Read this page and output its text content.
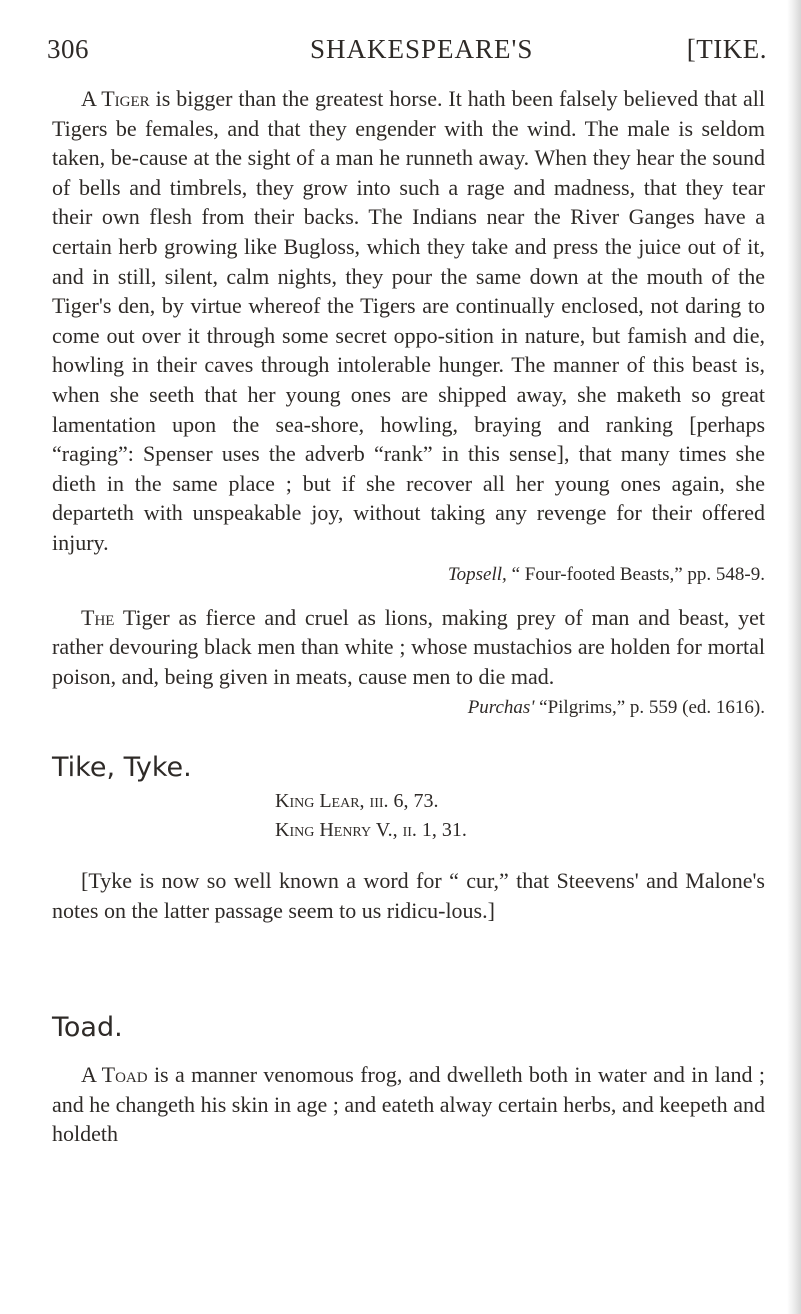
306	SHAKESPEARE'S	[TIKE.

A Tiger is bigger than the greatest horse. It hath been falsely believed that all Tigers be females, and that they engender with the wind. The male is seldom taken, be-cause at the sight of a man he runneth away. When they hear the sound of bells and timbrels, they grow into such a rage and madness, that they tear their own flesh from their backs. The Indians near the River Ganges have a certain herb growing like Bugloss, which they take and press the juice out of it, and in still, silent, calm nights, they pour the same down at the mouth of the Tiger's den, by virtue whereof the Tigers are continually enclosed, not daring to come out over it through some secret oppo-sition in nature, but famish and die, howling in their caves through intolerable hunger. The manner of this beast is, when she seeth that her young ones are shipped away, she maketh so great lamentation upon the sea-shore, howling, braying and ranking [perhaps “raging”: Spenser uses the adverb “rank” in this sense], that many times she dieth in the same place ; but if she recover all her young ones again, she departeth with unspeakable joy, without taking any revenge for their offered injury.

Topsell, “ Four-footed Beasts,” pp. 548-9.

The Tiger as fierce and cruel as lions, making prey of man and beast, yet rather devouring black men than white ; whose mustachios are holden for mortal poison, and, being given in meats, cause men to die mad.

Purchas' “Pilgrims,” p. 559 (ed. 1616).

Tike, Tyke.
King Lear, iii. 6, 73.
King Henry V., ii. 1, 31.

[Tyke is now so well known a word for “ cur,” that Steevens' and Malone's notes on the latter passage seem to us ridicu-lous.]

Toad.

A Toad is a manner venomous frog, and dwelleth both in water and in land ; and he changeth his skin in age ; and eateth alway certain herbs, and keepeth and holdeth
